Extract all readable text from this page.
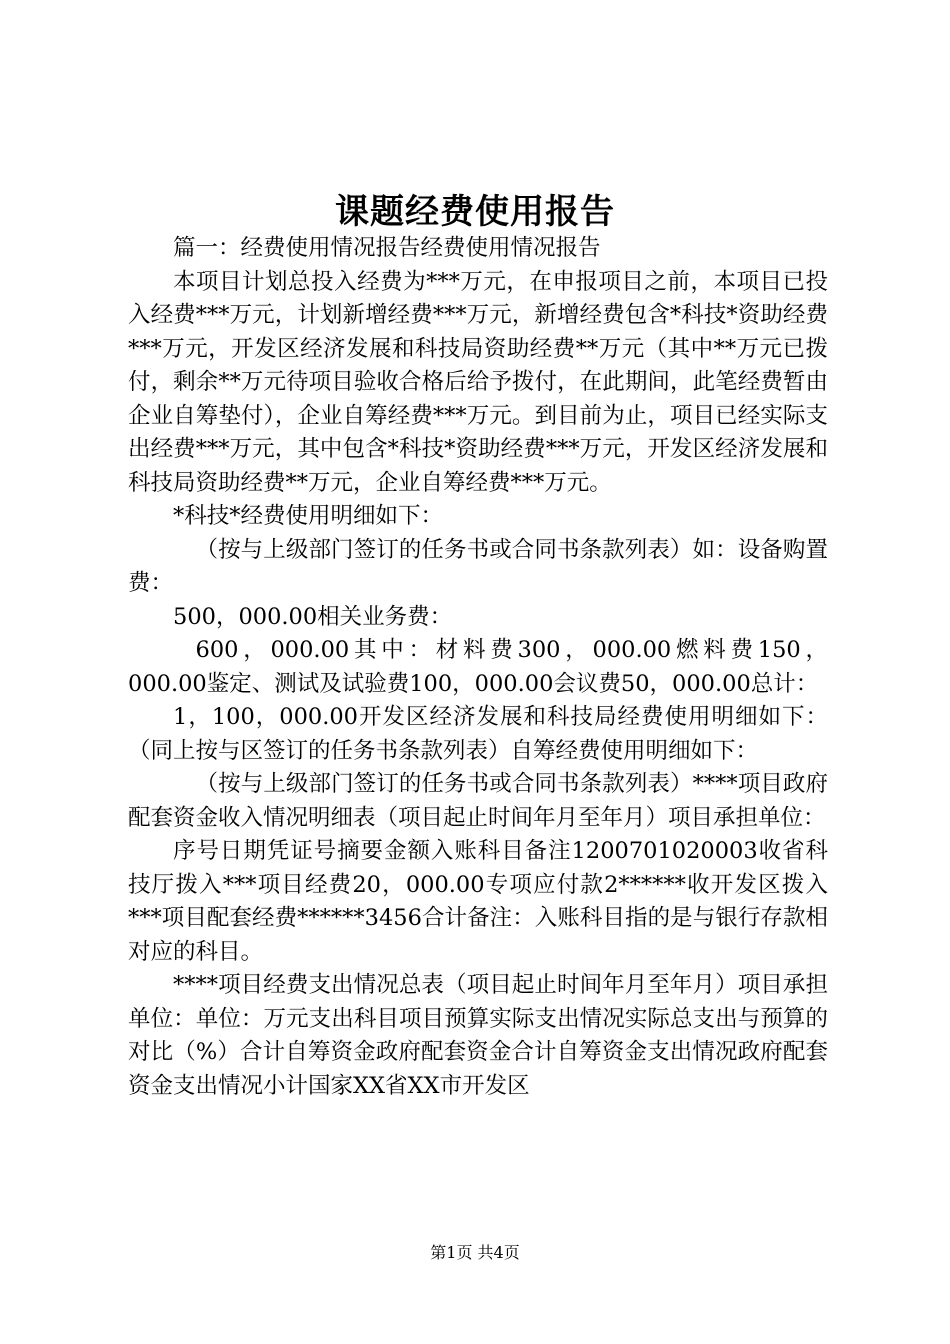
课题经费使用报告

篇一：经费使用情况报告经费使用情况报告

本项目计划总投入经费为***万元，在申报项目之前，本项目已投入经费***万元，计划新增经费***万元，新增经费包含*科技*资助经费***万元，开发区经济发展和科技局资助经费**万元（其中**万元已拨付，剩余**万元待项目验收合格后给予拨付，在此期间，此笔经费暂由企业自筹垫付），企业自筹经费***万元。到目前为止，项目已经实际支出经费***万元，其中包含*科技*资助经费***万元，开发区经济发展和科技局资助经费**万元，企业自筹经费***万元。

*科技*经费使用明细如下：

（按与上级部门签订的任务书或合同书条款列表）如：设备购置费：

500，000.00相关业务费：

600，000.00其中：材料费300，000.00燃料费150，000.00鉴定、测试及试验费100，000.00会议费50，000.00总计：

1，100，000.00开发区经济发展和科技局经费使用明细如下：（同上按与区签订的任务书条款列表）自筹经费使用明细如下：

（按与上级部门签订的任务书或合同书条款列表）****项目政府配套资金收入情况明细表（项目起止时间年月至年月）项目承担单位：

序号日期凭证号摘要金额入账科目备注1200701020003收省科技厅拨入***项目经费20，000.00专项应付款2******收开发区拨入***项目配套经费******3456合计备注：入账科目指的是与银行存款相对应的科目。

****项目经费支出情况总表（项目起止时间年月至年月）项目承担单位：单位：万元支出科目项目预算实际支出情况实际总支出与预算的对比（%）合计自筹资金政府配套资金合计自筹资金支出情况政府配套资金支出情况小计国家XX省XX市开发区

第1页 共4页
